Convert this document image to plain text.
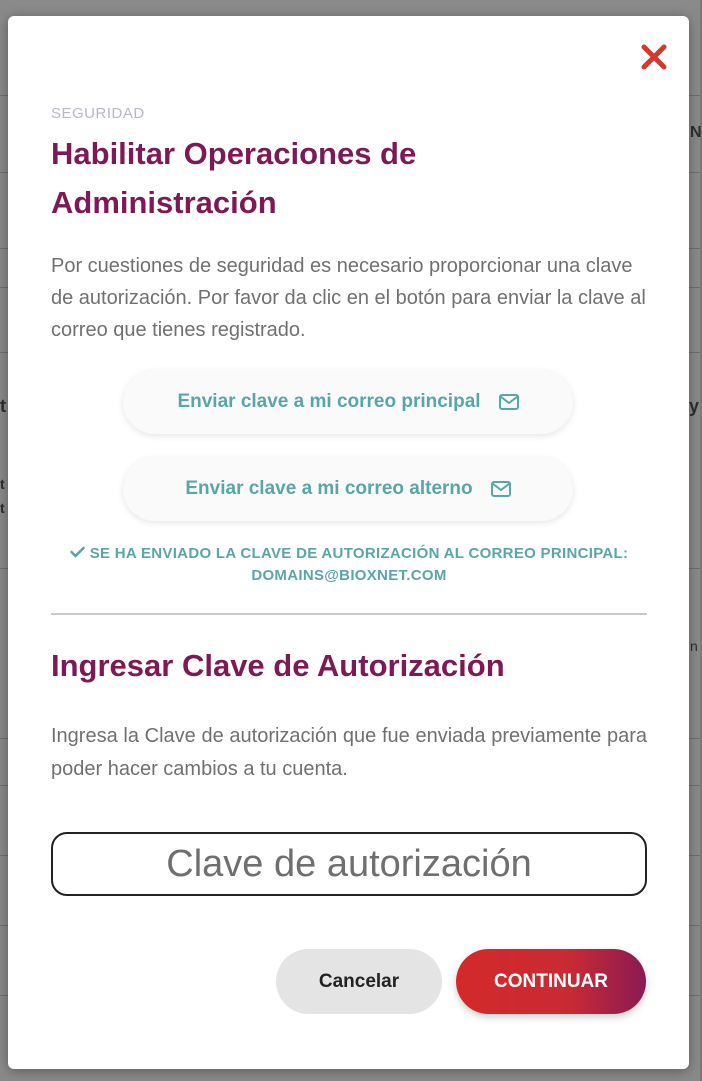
N
t	y
t
t
n
SEGURIDAD
Habilitar Operaciones de Administración

Por cuestiones de seguridad es necesario proporcionar una clave de autorización. Por favor da clic en el botón para enviar la clave al correo que tienes registrado.

Enviar clave a mi correo principal
Enviar clave a mi correo alterno
SE HA ENVIADO LA CLAVE DE AUTORIZACIÓN AL CORREO PRINCIPAL: DOMAINS@BIOXNET.COM
Ingresar Clave de Autorización

Ingresa la Clave de autorización que fue enviada previamente para poder hacer cambios a tu cuenta.

Clave de autorización
Cancelar	CONTINUAR
